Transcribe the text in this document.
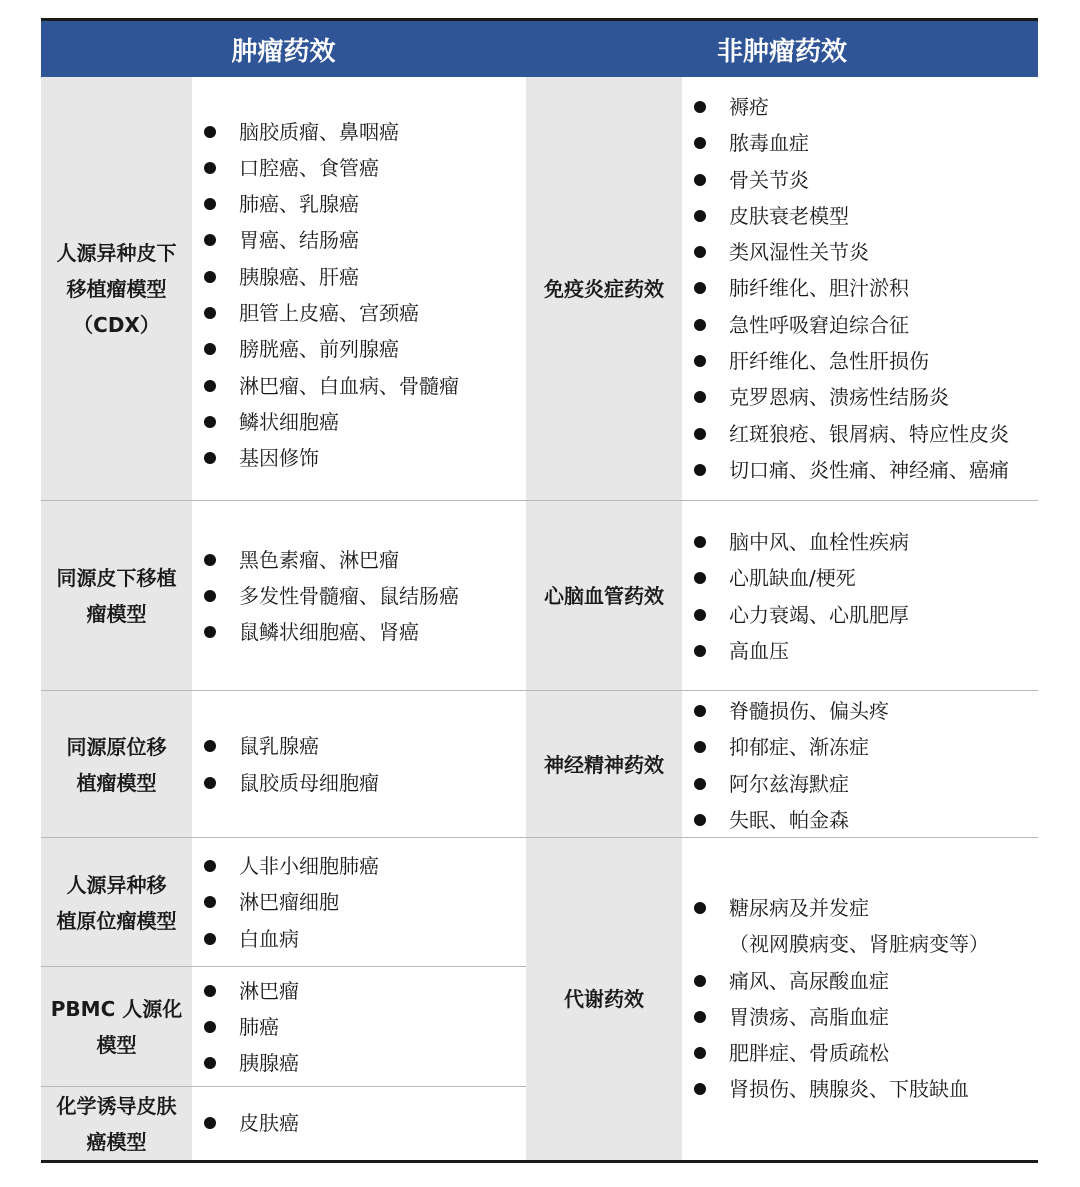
肿瘤药效	非肿瘤药效
人源异种皮下
移植瘤模型
（CDX）
同源皮下移植
瘤模型
同源原位移
植瘤模型
人源异种移
植原位瘤模型
PBMC 人源化
模型
化学诱导皮肤
癌模型
脑胶质瘤、鼻咽癌
口腔癌、食管癌
肺癌、乳腺癌
胃癌、结肠癌
胰腺癌、肝癌
胆管上皮癌、宫颈癌
膀胱癌、前列腺癌
淋巴瘤、白血病、骨髓瘤
鳞状细胞癌
基因修饰
黑色素瘤、淋巴瘤
多发性骨髓瘤、鼠结肠癌
鼠鳞状细胞癌、肾癌
鼠乳腺癌
鼠胶质母细胞瘤
人非小细胞肺癌
淋巴瘤细胞
白血病
淋巴瘤
肺癌
胰腺癌
皮肤癌
免疫炎症药效
心脑血管药效
神经精神药效
代谢药效
褥疮
脓毒血症
骨关节炎
皮肤衰老模型
类风湿性关节炎
肺纤维化、胆汁淤积
急性呼吸窘迫综合征
肝纤维化、急性肝损伤
克罗恩病、溃疡性结肠炎
红斑狼疮、银屑病、特应性皮炎
切口痛、炎性痛、神经痛、癌痛
脑中风、血栓性疾病
心肌缺血/梗死
心力衰竭、心肌肥厚
高血压
脊髓损伤、偏头疼
抑郁症、渐冻症
阿尔兹海默症
失眠、帕金森
糖尿病及并发症
（视网膜病变、肾脏病变等）
痛风、高尿酸血症
胃溃疡、高脂血症
肥胖症、骨质疏松
肾损伤、胰腺炎、下肢缺血
